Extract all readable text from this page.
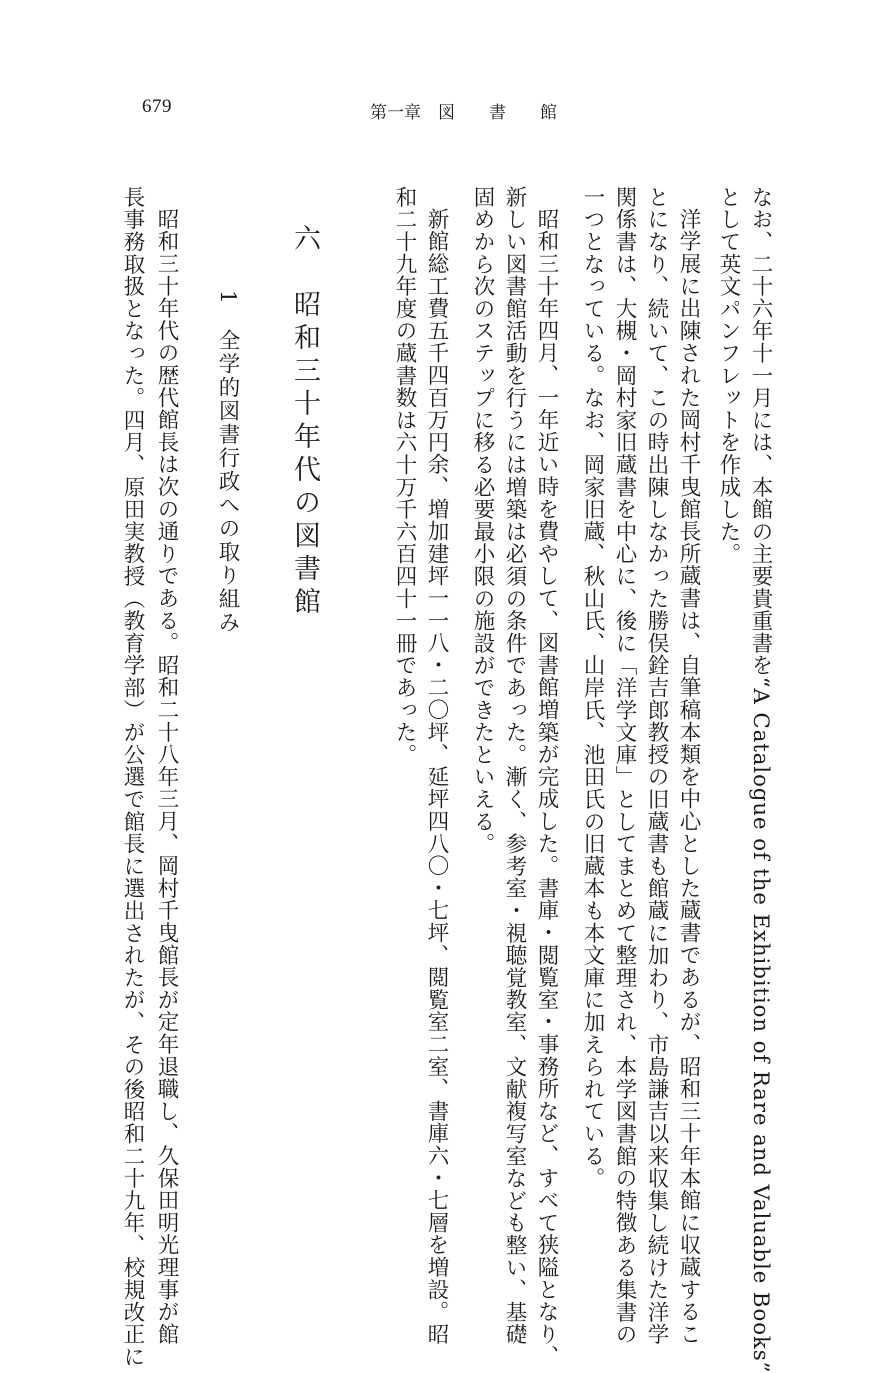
679	第一章　図　　書　　館
なお、二十六年十一月には、本館の主要貴重書を“A Catalogue of the Exhibition of Rare and Valuable Books”
として英文パンフレットを作成した。
洋学展に出陳された岡村千曳館長所蔵書は、自筆稿本類を中心とした蔵書であるが、昭和三十年本館に収蔵するこ
とになり、続いて、この時出陳しなかった勝俣銓吉郎教授の旧蔵書も館蔵に加わり、市島謙吉以来収集し続けた洋学
関係書は、大槻・岡村家旧蔵書を中心に、後に「洋学文庫」としてまとめて整理され、本学図書館の特徴ある集書の
一つとなっている。なお、岡家旧蔵、秋山氏、山岸氏、池田氏の旧蔵本も本文庫に加えられている。
昭和三十年四月、一年近い時を費やして、図書館増築が完成した。書庫・閲覧室・事務所など、すべて狭隘となり、
新しい図書館活動を行うには増築は必須の条件であった。漸く、参考室・視聴覚教室、文献複写室なども整い、基礎
固めから次のステップに移る必要最小限の施設ができたといえる。
新館総工費五千四百万円余、増加建坪一一八・二〇坪、延坪四八〇・七坪、閲覧室二室、書庫六・七層を増設。昭
和二十九年度の蔵書数は六十万千六百四十一冊であった。
六　昭和三十年代の図書館
1　全学的図書行政への取り組み
昭和三十年代の歴代館長は次の通りである。昭和二十八年三月、岡村千曳館長が定年退職し、久保田明光理事が館
長事務取扱となった。四月、原田実教授（教育学部）が公選で館長に選出されたが、その後昭和二十九年、校規改正に
